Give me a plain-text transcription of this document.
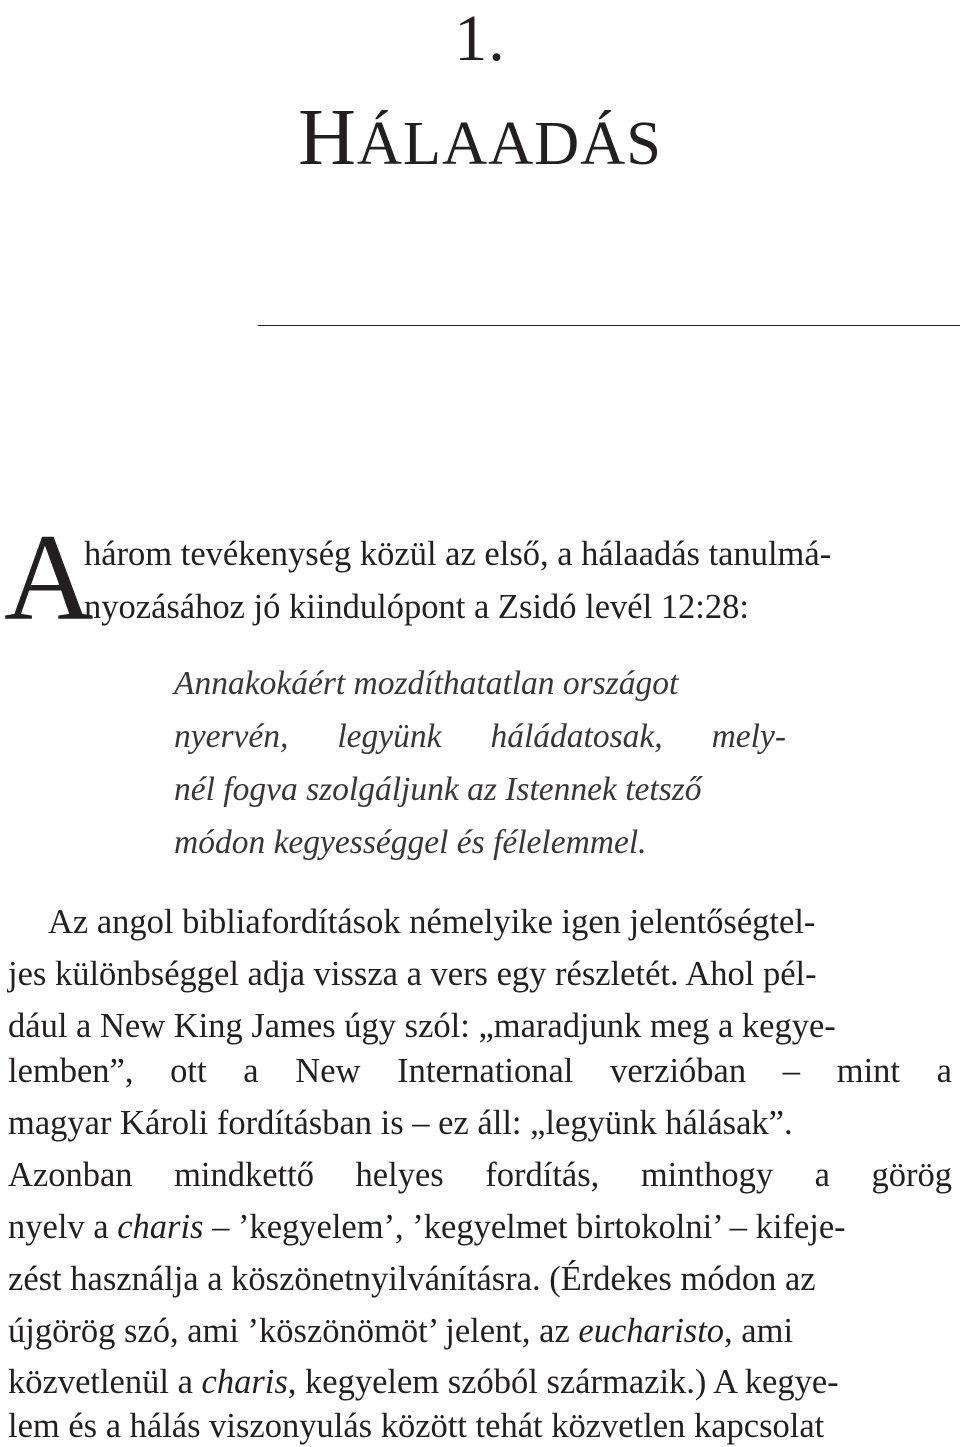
1.
HÁLAADÁS
A
három tevékenység közül az első, a hálaadás tanulmá-
nyozásához jó kiindulópont a Zsidó levél 12:28:
Annakokáért mozdíthatatlan országot
nyervén, legyünk háládatosak, mely-
nél fogva szolgáljunk az Istennek tetsző
módon kegyességgel és félelemmel.
Az angol bibliafordítások némelyike igen jelentőségtel-
jes különbséggel adja vissza a vers egy részletét. Ahol pél-
dául a New King James úgy szól: „maradjunk meg a kegye-
lemben”, ott a New International verzióban – mint a
magyar Károli fordításban is – ez áll: „legyünk hálásak”.
Azonban mindkettő helyes fordítás, minthogy a görög
nyelv a charis – ’kegyelem’, ’kegyelmet birtokolni’ – kifeje-
zést használja a köszönetnyilvánításra. (Érdekes módon az
újgörög szó, ami ’köszönömöt’ jelent, az eucharisto, ami
közvetlenül a charis, kegyelem szóból származik.) A kegye-
lem és a hálás viszonyulás között tehát közvetlen kapcsolat
